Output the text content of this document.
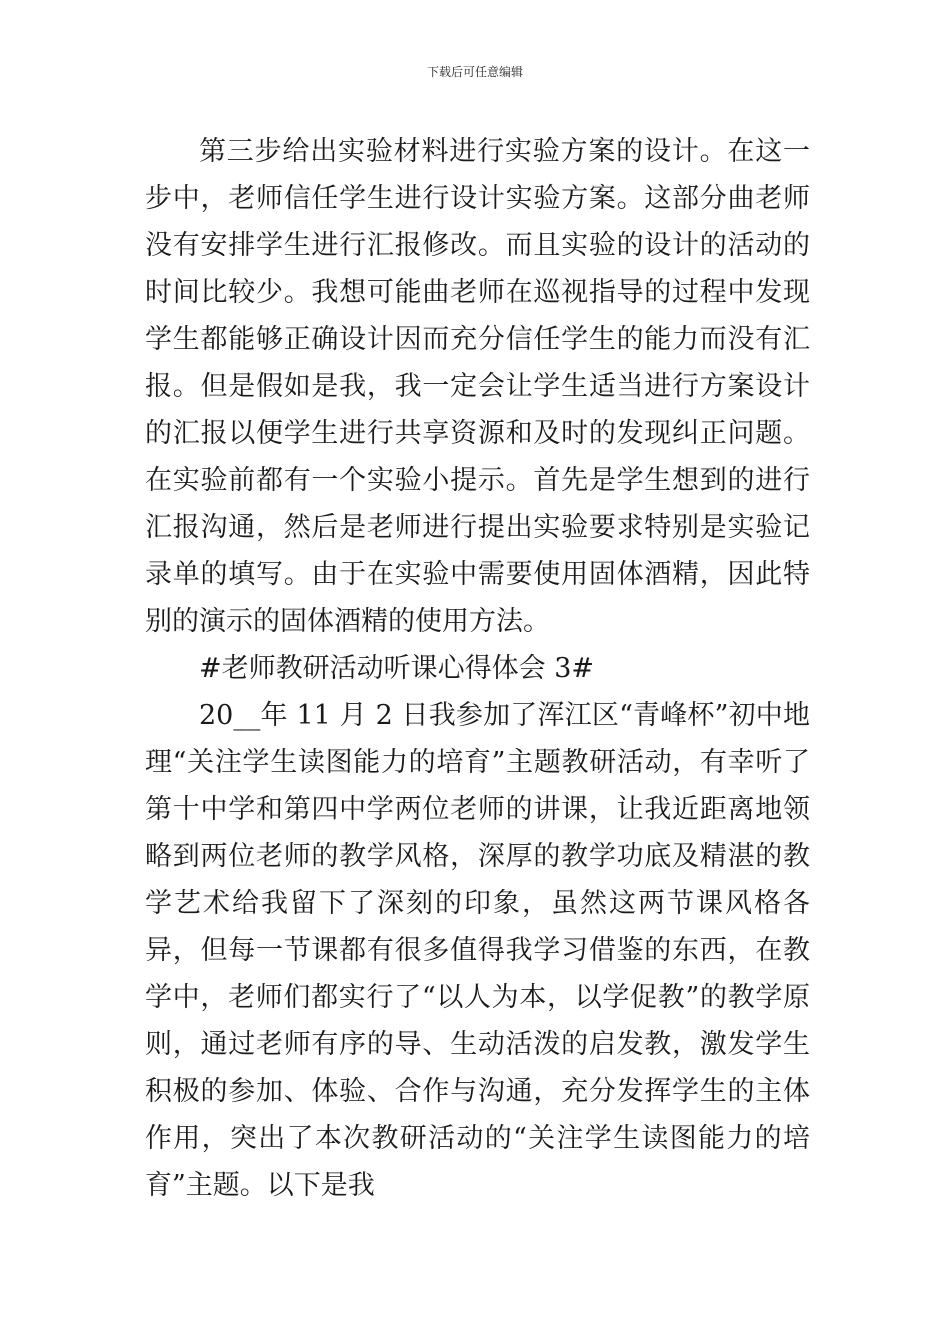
下载后可任意编辑

第三步给出实验材料进行实验方案的设计。在这一步中，老师信任学生进行设计实验方案。这部分曲老师没有安排学生进行汇报修改。而且实验的设计的活动的时间比较少。我想可能曲老师在巡视指导的过程中发现学生都能够正确设计因而充分信任学生的能力而没有汇报。但是假如是我，我一定会让学生适当进行方案设计的汇报以便学生进行共享资源和及时的发现纠正问题。在实验前都有一个实验小提示。首先是学生想到的进行汇报沟通，然后是老师进行提出实验要求特别是实验记录单的填写。由于在实验中需要使用固体酒精，因此特别的演示的固体酒精的使用方法。

#老师教研活动听课心得体会 3#

20__年 11 月 2 日我参加了浑江区“青峰杯”初中地理“关注学生读图能力的培育”主题教研活动，有幸听了第十中学和第四中学两位老师的讲课，让我近距离地领略到两位老师的教学风格，深厚的教学功底及精湛的教学艺术给我留下了深刻的印象，虽然这两节课风格各异，但每一节课都有很多值得我学习借鉴的东西，在教学中，老师们都实行了“以人为本，以学促教”的教学原则，通过老师有序的导、生动活泼的启发教，激发学生积极的参加、体验、合作与沟通，充分发挥学生的主体作用，突出了本次教研活动的“关注学生读图能力的培育”主题。以下是我
